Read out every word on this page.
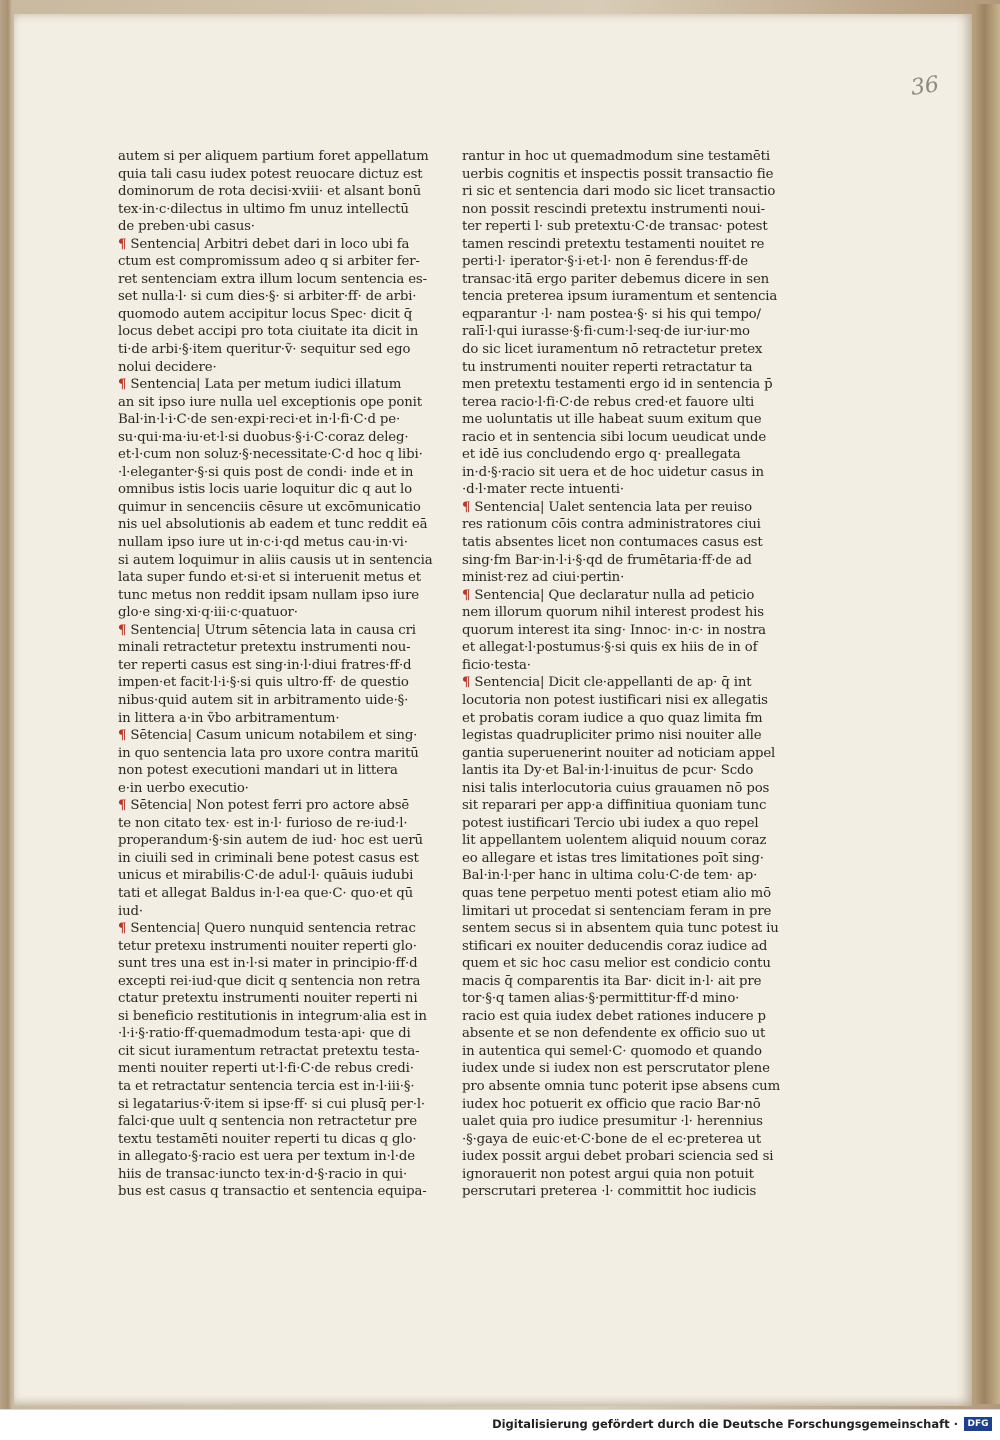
36
autem si per aliquem partium foret appellatum
quia tali casu iudex potest reuocare dictuz est
dominorum de rota decisi·xviii· et alsant bonū
tex·in·c·dilectus in ultimo fm unuz intellectū
de preben·ubi casus·
¶ Sentencia| Arbitri debet dari in loco ubi fa
ctum est compromissum adeo q si arbiter fer-
ret sentenciam extra illum locum sentencia es-
set nulla·l· si cum dies·§· si arbiter·ff· de arbi·
quomodo autem accipitur locus Spec· dicit q̄
locus debet accipi pro tota ciuitate ita dicit in
ti·de arbi·§·item queritur·ṽ· sequitur sed ego
nolui decidere·
¶ Sentencia| Lata per metum iudici illatum
an sit ipso iure nulla uel exceptionis ope ponit
Bal·in·l·i·C·de sen·expi·reci·et in·l·fi·C·d pe·
su·qui·ma·iu·et·l·si duobus·§·i·C·coraz deleg·
et·l·cum non soluz·§·necessitate·C·d hoc q libi·
·l·eleganter·§·si quis post de condi· inde et in
omnibus istis locis uarie loquitur dic q aut lo
quimur in sencenciis cēsure ut excōmunicatio
nis uel absolutionis ab eadem et tunc reddit eā
nullam ipso iure ut in·c·i·qd metus cau·in·vi·
si autem loquimur in aliis causis ut in sentencia
lata super fundo et·si·et si interuenit metus et
tunc metus non reddit ipsam nullam ipso iure
glo·e sing·xi·q·iii·c·quatuor·
¶ Sentencia| Utrum sētencia lata in causa cri
minali retractetur pretextu instrumenti nou-
ter reperti casus est sing·in·l·diui fratres·ff·d
impen·et facit·l·i·§·si quis ultro·ff· de questio
nibus·quid autem sit in arbitramento uide·§·
in littera a·in ṽbo arbitramentum·
¶ Sētencia| Casum unicum notabilem et sing·
in quo sentencia lata pro uxore contra maritū
non potest executioni mandari ut in littera
e·in uerbo executio·
¶ Sētencia| Non potest ferri pro actore absē
te non citato tex· est in·l· furioso de re·iud·l·
properandum·§·sin autem de iud· hoc est uerū
in ciuili sed in criminali bene potest casus est
unicus et mirabilis·C·de adul·l· quāuis iudubi
tati et allegat Baldus in·l·ea que·C· quo·et qū
iud·
¶ Sentencia| Quero nunquid sentencia retrac
tetur pretexu instrumenti nouiter reperti glo·
sunt tres una est in·l·si mater in principio·ff·d
excepti rei·iud·que dicit q sentencia non retra
ctatur pretextu instrumenti nouiter reperti ni
si beneficio restitutionis in integrum·alia est in
·l·i·§·ratio·ff·quemadmodum testa·api· que di
cit sicut iuramentum retractat pretextu testa-
menti nouiter reperti ut·l·fi·C·de rebus credi·
ta et retractatur sentencia tercia est in·l·iii·§·
si legatarius·ṽ·item si ipse·ff· si cui plusq̄ per·l·
falci·que uult q sentencia non retractetur pre
textu testamēti nouiter reperti tu dicas q glo·
in allegato·§·racio est uera per textum in·l·de
hiis de transac·iuncto tex·in·d·§·racio in qui·
bus est casus q transactio et sentencia equipa-
rantur in hoc ut quemadmodum sine testamēti
uerbis cognitis et inspectis possit transactio fie
ri sic et sentencia dari modo sic licet transactio
non possit rescindi pretextu instrumenti noui-
ter reperti l· sub pretextu·C·de transac· potest
tamen rescindi pretextu testamenti nouitet re
perti·l· iperator·§·i·et·l· non ē ferendus·ff·de
transac·itā ergo pariter debemus dicere in sen
tencia preterea ipsum iuramentum et sentencia
eqparantur ·l· nam postea·§· si his qui tempo/
ralī·l·qui iurasse·§·fi·cum·l·seq·de iur·iur·mo
do sic licet iuramentum nō retractetur pretex
tu instrumenti nouiter reperti retractatur ta
men pretextu testamenti ergo id in sentencia p̄
terea racio·l·fi·C·de rebus cred·et fauore ulti
me uoluntatis ut ille habeat suum exitum que
racio et in sentencia sibi locum ueudicat unde
et idē ius concludendo ergo q· preallegata
in·d·§·racio sit uera et de hoc uidetur casus in
·d·l·mater recte intuenti·
¶ Sentencia| Ualet sentencia lata per reuiso
res rationum cōis contra administratores ciui
tatis absentes licet non contumaces casus est
sing·fm Bar·in·l·i·§·qd de frumētaria·ff·de ad
minist·rez ad ciui·pertin·
¶ Sentencia| Que declaratur nulla ad peticio
nem illorum quorum nihil interest prodest his
quorum interest ita sing· Innoc· in·c· in nostra
et allegat·l·postumus·§·si quis ex hiis de in of
ficio·testa·
¶ Sentencia| Dicit cle·appellanti de ap· q̄ int
locutoria non potest iustificari nisi ex allegatis
et probatis coram iudice a quo quaz limita fm
legistas quadrupliciter primo nisi nouiter alle
gantia superuenerint nouiter ad noticiam appel
lantis ita Dy·et Bal·in·l·inuitus de pcur· Scdo
nisi talis interlocutoria cuius grauamen nō pos
sit reparari per app·a diffinitiua quoniam tunc
potest iustificari Tercio ubi iudex a quo repel
lit appellantem uolentem aliquid nouum coraz
eo allegare et istas tres limitationes poīt sing·
Bal·in·l·per hanc in ultima colu·C·de tem· ap·
quas tene perpetuo menti potest etiam alio mō
limitari ut procedat si sentenciam feram in pre
sentem secus si in absentem quia tunc potest iu
stificari ex nouiter deducendis coraz iudice ad
quem et sic hoc casu melior est condicio contu
macis q̄ comparentis ita Bar· dicit in·l· ait pre
tor·§·q tamen alias·§·permittitur·ff·d mino·
racio est quia iudex debet rationes inducere p
absente et se non defendente ex officio suo ut
in autentica qui semel·C· quomodo et quando
iudex unde si iudex non est perscrutator plene
pro absente omnia tunc poterit ipse absens cum
iudex hoc potuerit ex officio que racio Bar·nō
ualet quia pro iudice presumitur ·l· herennius
·§·gaya de euic·et·C·bone de el ec·preterea ut
iudex possit argui debet probari sciencia sed si
ignorauerit non potest argui quia non potuit
perscrutari preterea ·l· committit hoc iudicis
Digitalisierung gefördert durch die Deutsche Forschungsgemeinschaft ·	DFG
